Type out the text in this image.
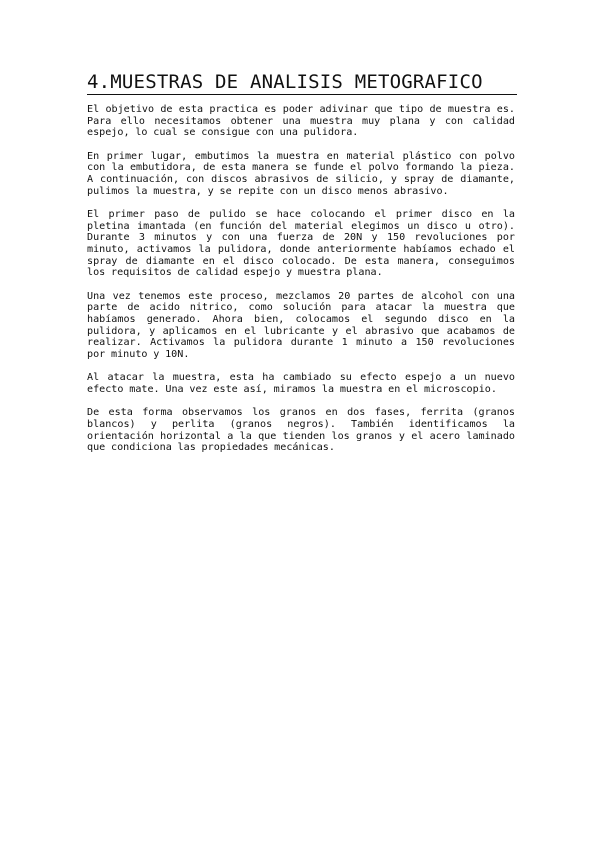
4.MUESTRAS DE ANALISIS METOGRAFICO

El objetivo de esta practica es poder adivinar que tipo de muestra es. Para ello necesitamos obtener una muestra muy plana y con calidad espejo, lo cual se consigue con una pulidora.

En primer lugar, embutimos la muestra en material plástico con polvo con la embutidora, de esta manera se funde el polvo formando la pieza. A continuación, con discos abrasivos de silicio, y spray de diamante, pulimos la muestra, y se repite con un disco menos abrasivo.

El primer paso de pulido se hace colocando el primer disco en la pletina imantada (en función del material elegimos un disco u otro). Durante 3 minutos y con una fuerza de 20N y 150 revoluciones por minuto, activamos la pulidora, donde anteriormente habíamos echado el spray de diamante en el disco colocado. De esta manera, conseguimos los requisitos de calidad espejo y muestra plana.

Una vez tenemos este proceso, mezclamos 20 partes de alcohol con una parte de acido nitrico, como solución para atacar la muestra que habíamos generado. Ahora bien, colocamos el segundo disco en la pulidora, y aplicamos en el lubricante y el abrasivo que acabamos de realizar. Activamos la pulidora durante 1 minuto a 150 revoluciones por minuto y 10N.

Al atacar la muestra, esta ha cambiado su efecto espejo a un nuevo efecto mate. Una vez este así, miramos la muestra en el microscopio.

De esta forma observamos los granos en dos fases, ferrita (granos blancos) y perlita (granos negros). También identificamos la orientación horizontal a la que tienden los granos y el acero laminado que condiciona las propiedades mecánicas.
